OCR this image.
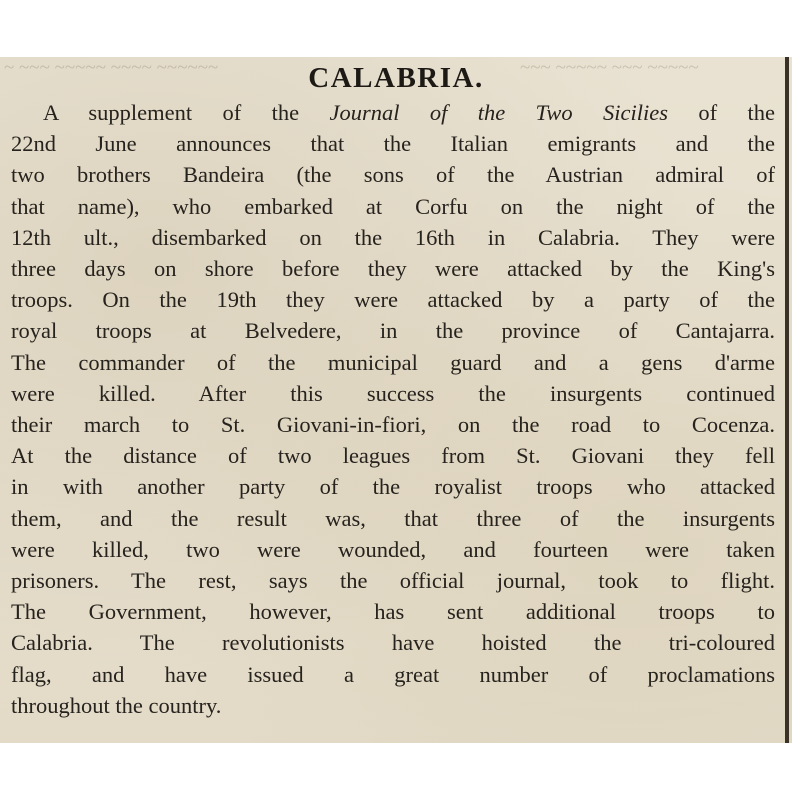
~ ~~~ ~~~~~ ~~~~ ~~~~~~	~~~ ~~~~~ ~~~ ~~~~~
CALABRIA.
A supplement of the Journal of the Two Sicilies of the
22nd June announces that the Italian emigrants and the
two brothers Bandeira (the sons of the Austrian admiral of
that name), who embarked at Corfu on the night of the
12th ult., disembarked on the 16th in Calabria. They were
three days on shore before they were attacked by the King's
troops. On the 19th they were attacked by a party of the
royal troops at Belvedere, in the province of Cantajarra.
The commander of the municipal guard and a gens d'arme
were killed. After this success the insurgents continued
their march to St. Giovani-in-fiori, on the road to Cocenza.
At the distance of two leagues from St. Giovani they fell
in with another party of the royalist troops who attacked
them, and the result was, that three of the insurgents
were killed, two were wounded, and fourteen were taken
prisoners. The rest, says the official journal, took to flight.
The Government, however, has sent additional troops to
Calabria. The revolutionists have hoisted the tri-coloured
flag, and have issued a great number of proclamations
throughout the country.
